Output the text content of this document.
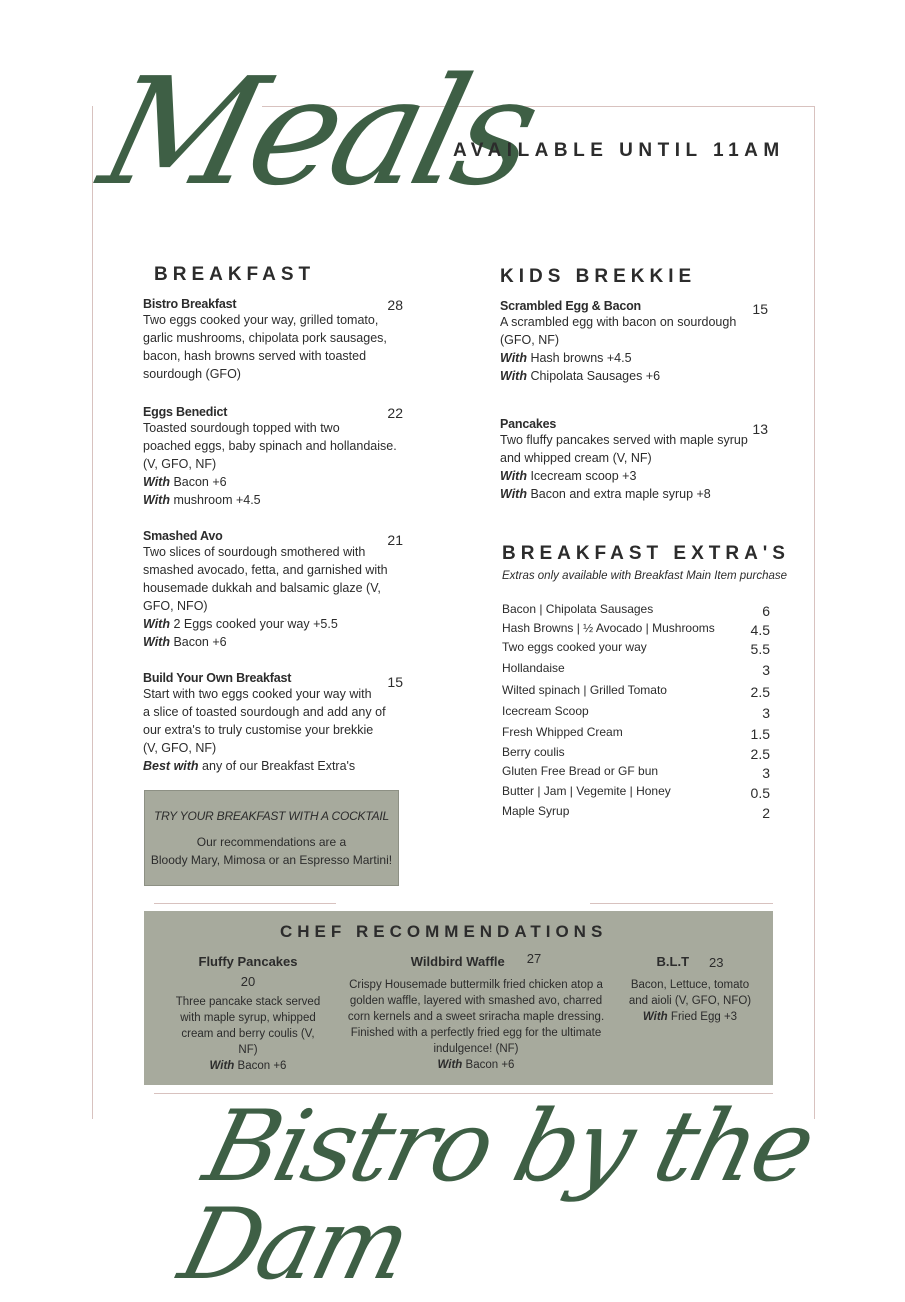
Meals
AVAILABLE UNTIL 11AM
BREAKFAST
Bistro Breakfast	28
Two eggs cooked your way, grilled tomato,
garlic mushrooms, chipolata pork sausages,
bacon, hash browns served with toasted
sourdough (GFO)
Eggs Benedict	22
Toasted sourdough topped with two
poached eggs, baby spinach and hollandaise.
(V, GFO, NF)
With Bacon +6
With mushroom +4.5
Smashed Avo	21
Two slices of sourdough smothered with
smashed avocado, fetta, and garnished with
housemade dukkah and balsamic glaze (V,
GFO, NFO)
With 2 Eggs cooked your way +5.5
With Bacon +6
Build Your Own Breakfast	15
Start with two eggs cooked your way with
a slice of toasted sourdough and add any of
our extra's to truly customise your brekkie
(V, GFO, NF)
Best with any of our Breakfast Extra's
TRY YOUR BREAKFAST WITH A COCKTAIL
Our recommendations are a
Bloody Mary, Mimosa or an Espresso Martini!
KIDS BREKKIE
Scrambled Egg & Bacon	15
A scrambled egg with bacon on sourdough
(GFO, NF)
With Hash browns +4.5
With Chipolata Sausages +6
Pancakes	13
Two fluffy pancakes served with maple syrup
and whipped cream (V, NF)
With Icecream scoop +3
With Bacon and extra maple syrup +8
BREAKFAST EXTRA'S
Extras only available with Breakfast Main Item purchase
Bacon | Chipolata Sausages	6
Hash Browns | ½ Avocado | Mushrooms	4.5
Two eggs cooked your way	5.5
Hollandaise	3
Wilted spinach | Grilled Tomato	2.5
Icecream Scoop	3
Fresh Whipped Cream	1.5
Berry coulis	2.5
Gluten Free Bread or GF bun	3
Butter | Jam | Vegemite | Honey	0.5
Maple Syrup	2
CHEF RECOMMENDATIONS
Fluffy Pancakes
20
Three pancake stack served
with maple syrup, whipped
cream and berry coulis (V,
NF)
With Bacon +6
Wildbird Waffle 27
Crispy Housemade buttermilk fried chicken atop a
golden waffle, layered with smashed avo, charred
corn kernels and a sweet sriracha maple dressing.
Finished with a perfectly fried egg for the ultimate
indulgence! (NF)
With Bacon +6
B.L.T 23
Bacon, Lettuce, tomato
and aioli (V, GFO, NFO)
With Fried Egg +3
Bistro by the Dam
